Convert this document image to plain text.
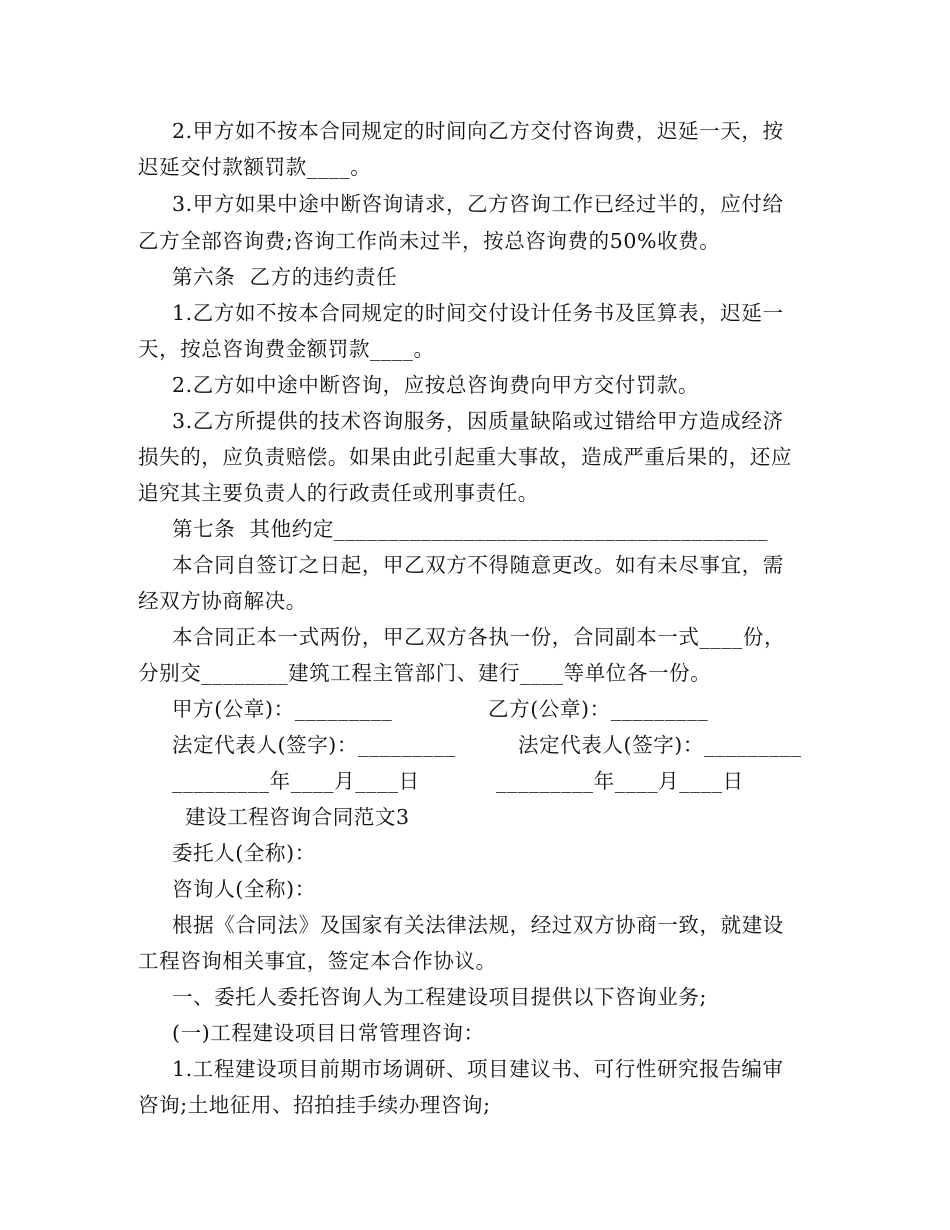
2.甲方如不按本合同规定的时间向乙方交付咨询费，迟延一天，按
迟延交付款额罚款____。
3.甲方如果中途中断咨询请求，乙方咨询工作已经过半的，应付给
乙方全部咨询费;咨询工作尚未过半，按总咨询费的50%收费。
第六条  乙方的违约责任
1.乙方如不按本合同规定的时间交付设计任务书及匡算表，迟延一
天，按总咨询费金额罚款____。
2.乙方如中途中断咨询，应按总咨询费向甲方交付罚款。
3.乙方所提供的技术咨询服务，因质量缺陷或过错给甲方造成经济
损失的，应负责赔偿。如果由此引起重大事故，造成严重后果的，还应
追究其主要负责人的行政责任或刑事责任。
第七条  其他约定________________________________________
本合同自签订之日起，甲乙双方不得随意更改。如有未尽事宜，需
经双方协商解决。
本合同正本一式两份，甲乙双方各执一份，合同副本一式____份，
分别交________建筑工程主管部门、建行____等单位各一份。
甲方(公章)：_________	乙方(公章)：_________
法定代表人(签字)：_________	法定代表人(签字)：_________
_________年____月____日	_________年____月____日
建设工程咨询合同范文3
委托人(全称)：
咨询人(全称)：
根据《合同法》及国家有关法律法规，经过双方协商一致，就建设
工程咨询相关事宜，签定本合作协议。
一、委托人委托咨询人为工程建设项目提供以下咨询业务;
(一)工程建设项目日常管理咨询：
1.工程建设项目前期市场调研、项目建议书、可行性研究报告编审
咨询;土地征用、招拍挂手续办理咨询;
